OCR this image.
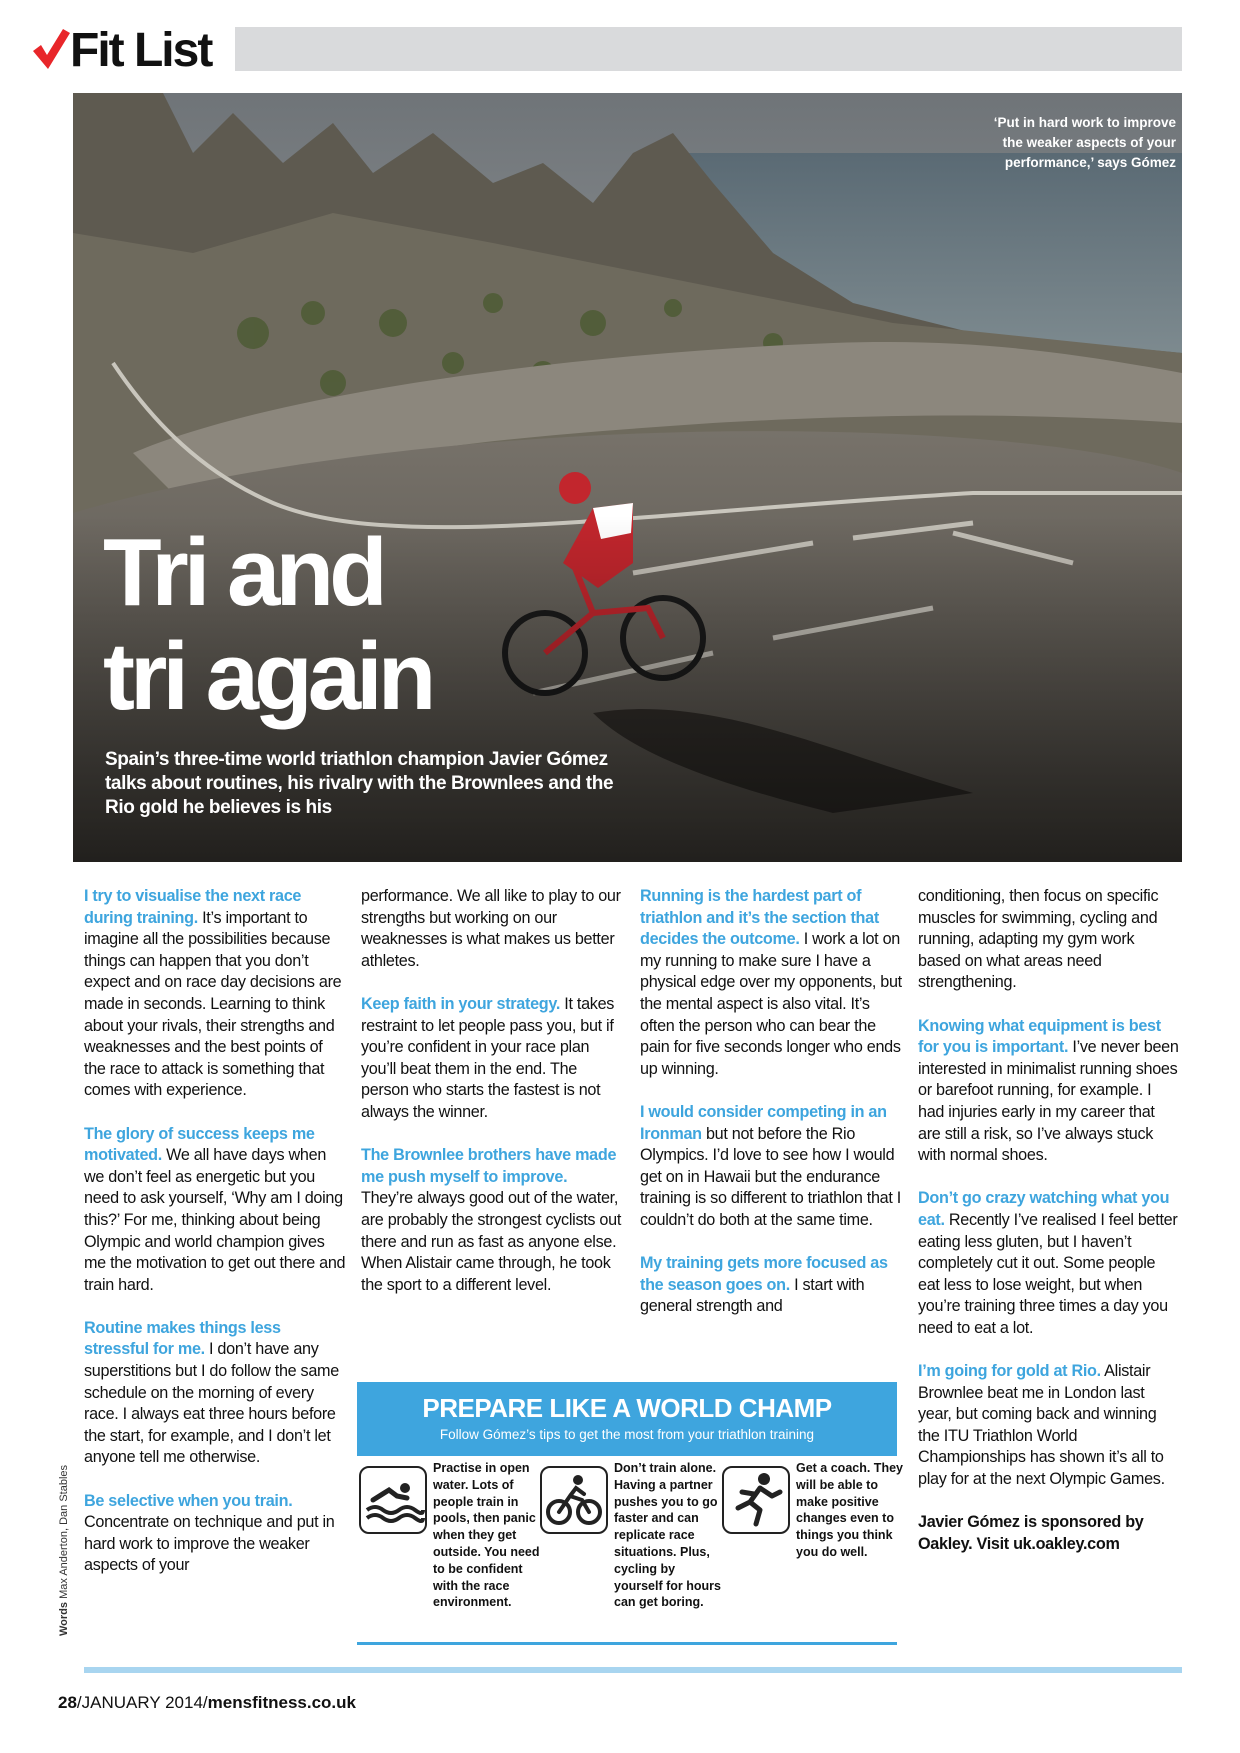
Fit List
‘Put in hard work to improve the weaker aspects of your performance,’ says Gómez
Tri and
tri again
Spain’s three-time world triathlon champion Javier Gómez talks about routines, his rivalry with the Brownlees and the Rio gold he believes is his

I try to visualise the next race during training. It’s important to imagine all the possibilities because things can happen that you don’t expect and on race day decisions are made in seconds. Learning to think about your rivals, their strengths and weaknesses and the best points of the race to attack is something that comes with experience.

The glory of success keeps me motivated. We all have days when we don’t feel as energetic but you need to ask yourself, ‘Why am I doing this?’ For me, thinking about being Olympic and world champion gives me the motivation to get out there and train hard.

Routine makes things less stressful for me. I don’t have any superstitions but I do follow the same schedule on the morning of every race. I always eat three hours before the start, for example, and I don’t let anyone tell me otherwise.

Be selective when you train. Concentrate on technique and put in hard work to improve the weaker aspects of your

performance. We all like to play to our strengths but working on our weaknesses is what makes us better athletes.

Keep faith in your strategy. It takes restraint to let people pass you, but if you’re confident in your race plan you’ll beat them in the end. The person who starts the fastest is not always the winner.

The Brownlee brothers have made me push myself to improve. They’re always good out of the water, are probably the strongest cyclists out there and run as fast as anyone else. When Alistair came through, he took the sport to a different level.

Running is the hardest part of triathlon and it’s the section that decides the outcome. I work a lot on my running to make sure I have a physical edge over my opponents, but the mental aspect is also vital. It’s often the person who can bear the pain for five seconds longer who ends up winning.

I would consider competing in an Ironman but not before the Rio Olympics. I’d love to see how I would get on in Hawaii but the endurance training is so different to triathlon that I couldn’t do both at the same time.

My training gets more focused as the season goes on. I start with general strength and

conditioning, then focus on specific muscles for swimming, cycling and running, adapting my gym work based on what areas need strengthening.

Knowing what equipment is best for you is important. I’ve never been interested in minimalist running shoes or barefoot running, for example. I had injuries early in my career that are still a risk, so I’ve always stuck with normal shoes.

Don’t go crazy watching what you eat. Recently I’ve realised I feel better eating less gluten, but I haven’t completely cut it out. Some people eat less to lose weight, but when you’re training three times a day you need to eat a lot.

I’m going for gold at Rio. Alistair Brownlee beat me in London last year, but coming back and winning the ITU Triathlon World Championships has shown it’s all to play for at the next Olympic Games.

Javier Gómez is sponsored by Oakley. Visit uk.oakley.com

Words Max Anderton, Dan Stables
PREPARE LIKE A WORLD CHAMP
Follow Gómez’s tips to get the most from your triathlon training
Practise in open water. Lots of people train in pools, then panic when they get outside. You need to be confident with the race environment.
Don’t train alone. Having a partner pushes you to go faster and can replicate race situations. Plus, cycling by yourself for hours can get boring.
Get a coach. They will be able to make positive changes even to things you think you do well.
28/JANUARY 2014/mensfitness.co.uk
